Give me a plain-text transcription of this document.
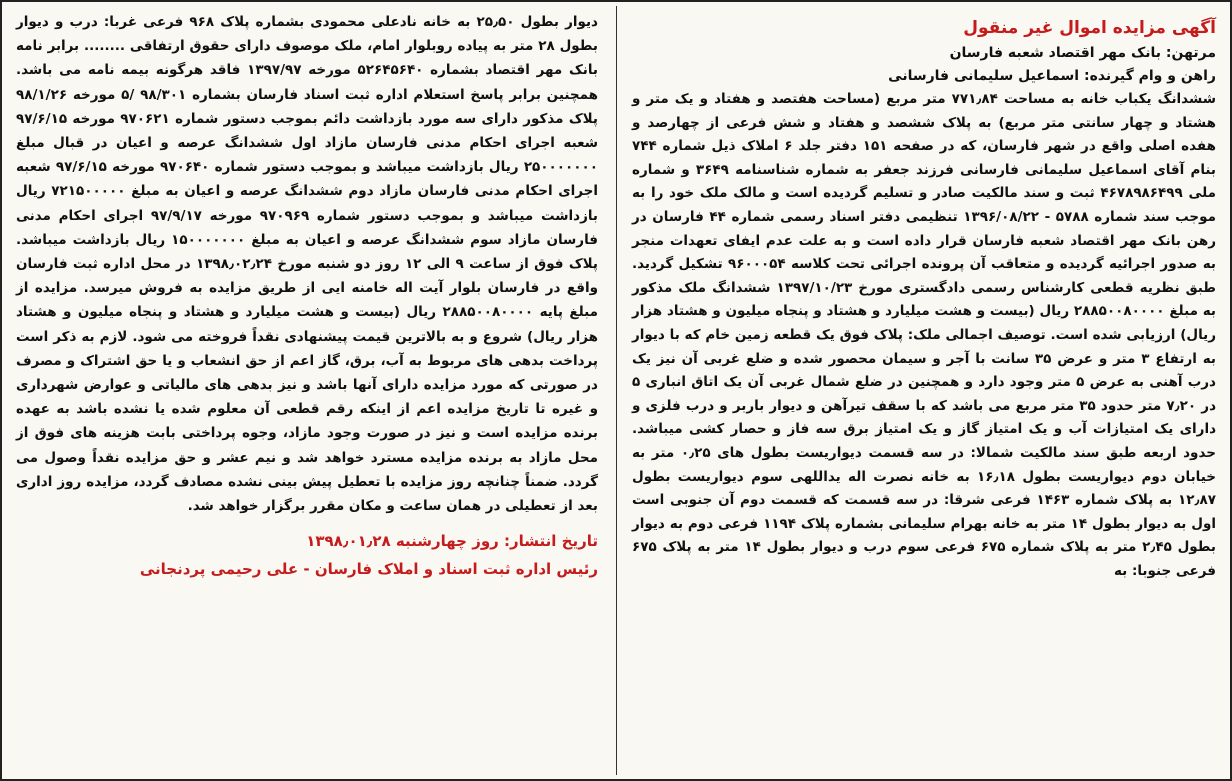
آگهی مزایده اموال غیر منقول

مرتهن: بانک مهر اقتصاد شعبه فارسان

راهن و وام گیرنده: اسماعیل سلیمانی فارسانی

ششدانگ یکباب خانه به مساحت ۷۷۱٫۸۴ متر مربع (مساحت هفتصد و هفتاد و یک متر و هشتاد و چهار سانتی متر مربع) به پلاک ششصد و هفتاد و شش فرعی از چهارصد و هفده اصلی واقع در شهر فارسان، که در صفحه ۱۵۱ دفتر جلد ۶ املاک ذیل شماره ۷۴۴ بنام آقای اسماعیل سلیمانی فارسانی فرزند جعفر به شماره شناسنامه ۳۶۴۹ و شماره ملی ۴۶۷۸۹۸۶۴۹۹ ثبت و سند مالکیت صادر و تسلیم گردیده است و مالک ملک خود را به موجب سند شماره ۵۷۸۸ - ۱۳۹۶/۰۸/۲۲ تنظیمی دفتر اسناد رسمی شماره ۴۴ فارسان در رهن بانک مهر اقتصاد شعبه فارسان قرار داده است و به علت عدم ایفای تعهدات منجر به صدور اجرائیه گردیده و متعاقب آن پرونده اجرائی تحت کلاسه ۹۶۰۰۰۵۴ تشکیل گردید. طبق نظریه قطعی کارشناس رسمی دادگستری مورخ ۱۳۹۷/۱۰/۲۳ ششدانگ ملک مذکور به مبلغ ۲۸۸۵۰۰۸۰۰۰۰ ریال (بیست و هشت میلیارد و هشتاد و پنجاه میلیون و هشتاد هزار ریال) ارزیابی شده است. توصیف اجمالی ملک: پلاک فوق یک قطعه زمین خام که با دیوار به ارتفاع ۳ متر و عرض ۳۵ سانت با آجر و سیمان محصور شده و ضلع غربی آن نیز یک درب آهنی به عرض ۵ متر وجود دارد و همچنین در ضلع شمال غربی آن یک اتاق انباری ۵ در ۷٫۲۰ متر حدود ۳۵ متر مربع می باشد که با سقف تیرآهن و دیوار باربر و درب فلزی و دارای یک امتیازات آب و یک امتیاز گاز و یک امتیاز برق سه فاز و حصار کشی میباشد. حدود اربعه طبق سند مالکیت شمالا: در سه قسمت دیواریست بطول های ۰٫۲۵ متر به خیابان دوم دیواریست بطول ۱۶٫۱۸ به خانه نصرت اله یداللهی سوم دیواریست بطول ۱۲٫۸۷ به پلاک شماره ۱۴۶۳ فرعی شرقا: در سه قسمت که قسمت دوم آن جنوبی است اول به دیوار بطول ۱۴ متر به خانه بهرام سلیمانی بشماره پلاک ۱۱۹۴ فرعی دوم به دیوار بطول ۲٫۴۵ متر به پلاک شماره ۶۷۵ فرعی سوم درب و دیوار بطول ۱۴ متر به پلاک ۶۷۵ فرعی جنوبا: به

دیوار بطول ۲۵٫۵۰ به خانه نادعلی محمودی بشماره پلاک ۹۶۸ فرعی غربا: درب و دیوار بطول ۲۸ متر به پیاده روبلوار امام، ملک موصوف دارای حقوق ارتفاقی ........ برابر نامه بانک مهر اقتصاد بشماره ۵۲۶۴۵۶۴۰ مورخه ۱۳۹۷/۹۷ فاقد هرگونه بیمه نامه می باشد. همچنین برابر پاسخ استعلام اداره ثبت اسناد فارسان بشماره ۹۸/۳۰۱ /۵ مورخه ۹۸/۱/۲۶ پلاک مذکور دارای سه مورد بازداشت دائم بموجب دستور شماره ۹۷۰۶۲۱ مورخه ۹۷/۶/۱۵ شعبه اجرای احکام مدنی فارسان مازاد اول ششدانگ عرصه و اعیان در قبال مبلغ ۲۵۰۰۰۰۰۰۰ ریال بازداشت میباشد و بموجب دستور شماره ۹۷۰۶۴۰ مورخه ۹۷/۶/۱۵ شعبه اجرای احکام مدنی فارسان مازاد دوم ششدانگ عرصه و اعیان به مبلغ ۷۲۱۵۰۰۰۰۰ ریال بازداشت میباشد و بموجب دستور شماره ۹۷۰۹۶۹ مورخه ۹۷/۹/۱۷ اجرای احکام مدنی فارسان مازاد سوم ششدانگ عرصه و اعیان به مبلغ ۱۵۰۰۰۰۰۰۰ ریال بازداشت میباشد. پلاک فوق از ساعت ۹ الی ۱۲ روز دو شنبه مورخ ۱۳۹۸٫۰۲٫۲۴ در محل اداره ثبت فارسان واقع در فارسان بلوار آیت اله خامنه ایی از طریق مزایده به فروش میرسد. مزایده از مبلغ پایه ۲۸۸۵۰۰۸۰۰۰۰ ریال (بیست و هشت میلیارد و هشتاد و پنجاه میلیون و هشتاد هزار ریال) شروع و به بالاترین قیمت پیشنهادی نقداً فروخته می شود. لازم به ذکر است پرداخت بدهی های مربوط به آب، برق، گاز اعم از حق انشعاب و یا حق اشتراک و مصرف در صورتی که مورد مزایده دارای آنها باشد و نیز بدهی های مالیاتی و عوارض شهرداری و غیره تا تاریخ مزایده اعم از اینکه رقم قطعی آن معلوم شده یا نشده باشد به عهده برنده مزایده است و نیز در صورت وجود مازاد، وجوه پرداختی بابت هزینه های فوق از محل مازاد به برنده مزایده مسترد خواهد شد و نیم عشر و حق مزایده نقداً وصول می گردد. ضمناً چنانچه روز مزایده با تعطیل پیش بینی نشده مصادف گردد، مزایده روز اداری بعد از تعطیلی در همان ساعت و مکان مقرر برگزار خواهد شد.

تاریخ انتشار: روز چهارشنبه ۱۳۹۸٫۰۱٫۲۸

رئیس اداره ثبت اسناد و املاک فارسان - علی رحیمی پردنجانی
